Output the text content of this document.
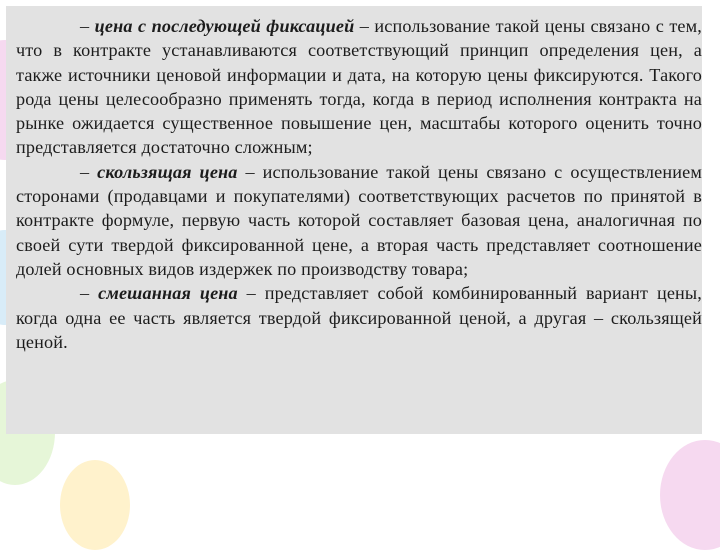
– цена с последующей фиксацией – использование такой цены связано с тем, что в контракте устанавливаются соответствующий принцип определения цен, а также источники ценовой информации и дата, на которую цены фиксируются. Такого рода цены целесообразно применять тогда, когда в период исполнения контракта на рынке ожидается существенное повышение цен, масштабы которого оценить точно представляется достаточно сложным;

– скользящая цена – использование такой цены связано с осуществлением сторонами (продавцами и покупателями) соответствующих расчетов по принятой в контракте формуле, первую часть которой составляет базовая цена, аналогичная по своей сути твердой фиксированной цене, а вторая часть представляет соотношение долей основных видов издержек по производству товара;

– смешанная цена – представляет собой комбинированный вариант цены, когда одна ее часть является твердой фиксированной ценой, а другая – скользящей ценой.
